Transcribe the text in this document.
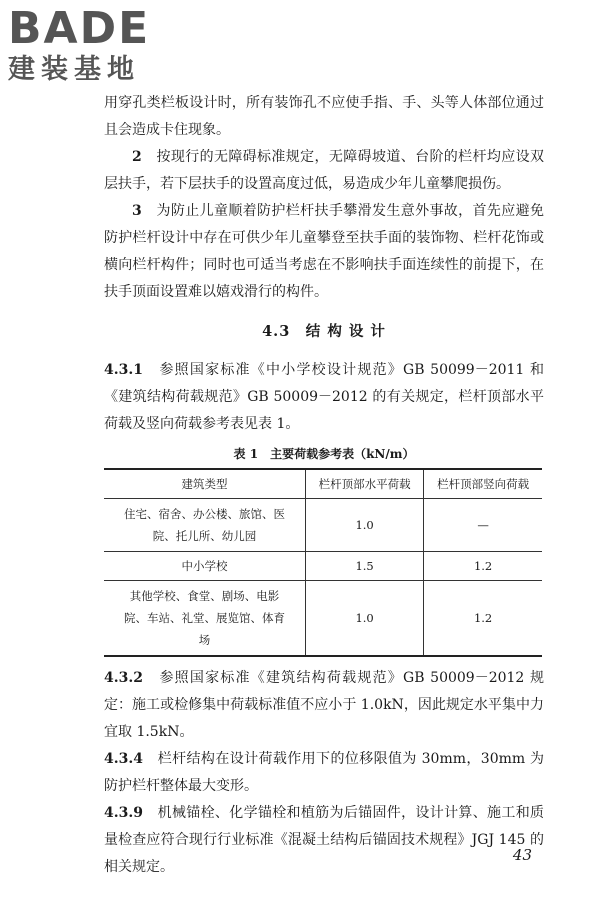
BADE
建装基地

用穿孔类栏板设计时，所有装饰孔不应使手指、手、头等人体部位通过且会造成卡住现象。

2　 按现行的无障碍标准规定，无障碍坡道、台阶的栏杆均应设双层扶手，若下层扶手的设置高度过低，易造成少年儿童攀爬损伤。

3　 为防止儿童顺着防护栏杆扶手攀滑发生意外事故，首先应避免防护栏杆设计中存在可供少年儿童攀登至扶手面的装饰物、栏杆花饰或横向栏杆构件；同时也可适当考虑在不影响扶手面连续性的前提下，在扶手顶面设置难以嬉戏滑行的构件。

4.3　结 构 设 计

4.3.1　 参照国家标准《中小学校设计规范》GB 50099－2011 和《建筑结构荷载规范》GB 50009－2012 的有关规定，栏杆顶部水平荷载及竖向荷载参考表见表 1。

表 1　主要荷载参考表（kN/m）
建筑类型	栏杆顶部水平荷载	栏杆顶部竖向荷载
住宅、宿舍、办公楼、旅馆、医院、托儿所、幼儿园	1.0	—
中小学校	1.5	1.2
其他学校、食堂、剧场、电影院、车站、礼堂、展览馆、体育场	1.0	1.2

4.3.2　 参照国家标准《建筑结构荷载规范》GB 50009－2012 规定：施工或检修集中荷载标准值不应小于 1.0kN，因此规定水平集中力宜取 1.5kN。

4.3.4　 栏杆结构在设计荷载作用下的位移限值为 30mm，30mm 为防护栏杆整体最大变形。

4.3.9　 机械锚栓、化学锚栓和植筋为后锚固件，设计计算、施工和质量检查应符合现行行业标准《混凝土结构后锚固技术规程》JGJ 145 的相关规定。

43
